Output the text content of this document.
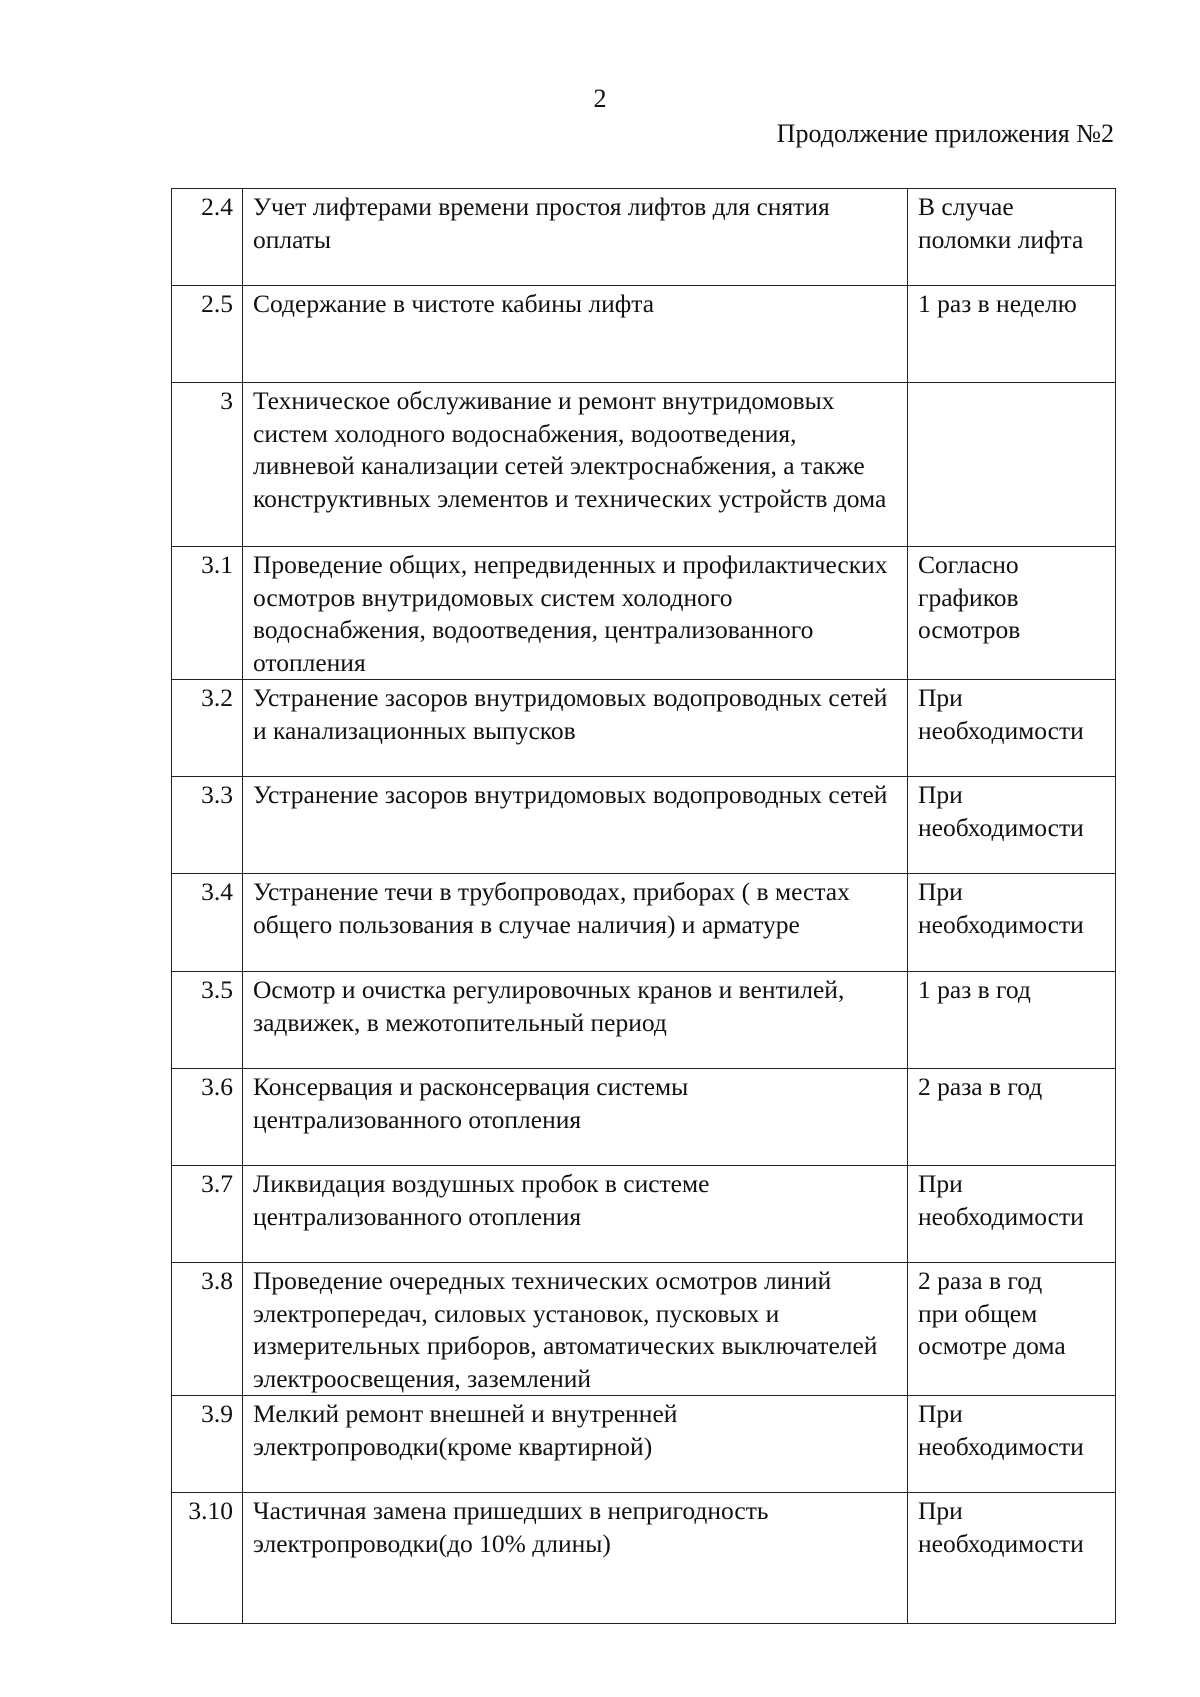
2
Продолжение приложения №2
2.4	Учет лифтерами времени простоя лифтов для снятия оплаты	В случае
поломки лифта
2.5	Содержание в чистоте кабины лифта	1 раз в неделю
3	Техническое обслуживание и ремонт внутридомовых систем холодного водоснабжения, водоотведения, ливневой канализации сетей электроснабжения, а также конструктивных элементов и технических устройств дома	
3.1	Проведение общих, непредвиденных и профилактических осмотров внутридомовых систем холодного водоснабжения, водоотведения, централизованного отопления	Согласно
графиков
осмотров
3.2	Устранение засоров внутридомовых водопроводных сетей и канализационных выпусков	При
необходимости
3.3	Устранение засоров внутридомовых водопроводных сетей	При
необходимости
3.4	Устранение течи в трубопроводах, приборах ( в местах общего пользования в случае наличия) и арматуре	При
необходимости
3.5	Осмотр и очистка регулировочных кранов и вентилей, задвижек, в межотопительный период	1 раз в год
3.6	Консервация и расконсервация системы централизованного отопления	2 раза в год
3.7	Ликвидация воздушных пробок в системе централизованного отопления	При
необходимости
3.8	Проведение очередных технических осмотров линий электропередач, силовых установок, пусковых и измерительных приборов, автоматических выключателей электроосвещения, заземлений	2 раза в год
при общем
осмотре дома
3.9	Мелкий ремонт внешней и внутренней электропроводки(кроме квартирной)	При
необходимости
3.10	Частичная замена пришедших в непригодность электропроводки(до 10% длины)	При
необходимости
